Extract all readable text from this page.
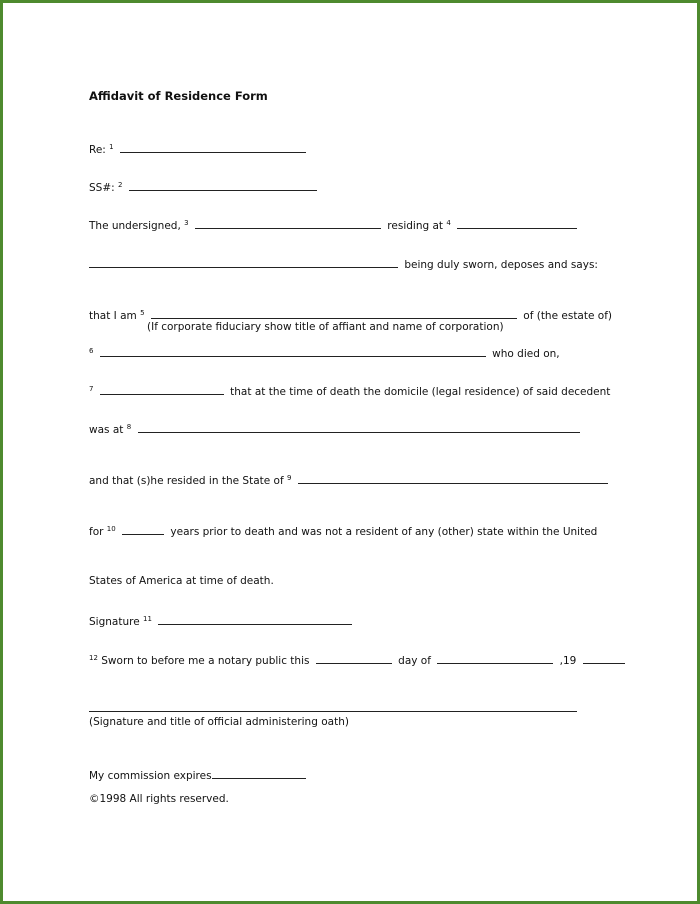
Affidavit of Residence Form
Re: $^1$
SS#: $^2$
The undersigned, $^3$	residing at $^4$
being duly sworn, deposes and says:
that I am $^5$	of (the estate of)
(If corporate fiduciary show title of affiant and name of corporation)
$^6$	who died on,
$^7$	that at the time of death the domicile (legal residence) of said decedent
was at $^8$
and that (s)he resided in the State of $^9$
for $^{10}$	years prior to death and was not a resident of any (other) state within the United
States of America at time of death.
Signature $^{11}$
$^{12}$ Sworn to before me a notary public this	day of	,19
(Signature and title of official administering oath)
My commission expires
©1998 All rights reserved.
